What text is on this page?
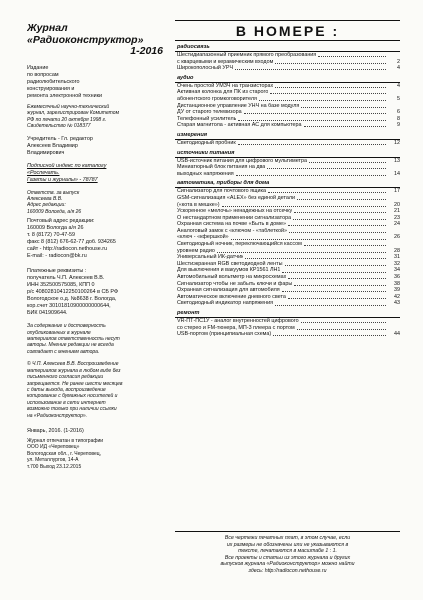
Журнал
«Радиоконструктор»
1-2016
Издание
по вопросам
радиолюбительского
конструирования и
ремонта электронной техники
Ежемесячный научно-технический
журнал, зарегистрирован Комитетом
РФ по печати 20 октября 1998 г.
Свидетельство № 018377
Учредитель - Гл. редактор
Алексеев Владимир
Владимирович
Подписной индекс по каталогу
«Роспечать.
Газеты и журналы» - 78787
Ответств. за выпуск
Алексеева В.В.
Адрес редакции:
160009 Вологда, а/я 26
Почтовый адрес редакции:
160009 Вологда а/я 26
т. 8 (8172) 70-47-59
факс 8 (812) 676-62-77 доб. 934265
сайт - http://radiocon.nethouse.ru
E-mail: - radiocon@bk.ru
Платежные реквизиты :
получатель Ч.П. Алексеев В.В.
ИНН 352500575085, КПП 0
р/с 40802810412250100264 в СБ РФ
Вологодское о.д. №8638 г. Вологда,
кор.счет 30101810900000000644,
БИК 041909644.
За содержание и достоверность
опубликованных в журнале
материалов ответственность несут
авторы. Мнение редакции не всегда
совпадает с мнением автора.
© Ч.П. Алексеев В.В. Воспроизведение
материалов журнала в любом виде без
письменного согласия редакции
запрещается. Не ранее шести месяцев
с даты выхода, воспроизведение
копирование с бумажных носителей и
использование в сети интернет
возможно только при наличии ссылки
на «Радиоконструктор».
Январь, 2016. (1-2016)
Журнал отпечатан в типографии
ООО ИД «Череповец»
Вологодская обл., г. Череповец,
ул. Металлургов, 14-А
т.700 Выход 23.12.2015
В НОМЕРЕ :
радиосвязь
Шестидиапазонный приемник прямого преобразования
с кварцевыми и керамическим входом	2
Широкополосный УРЧ	4
аудио
Очень простой УМЗЧ на транзисторах	4
Активная колонка для ПК из старого
абонентского громкоговорителя	5
Дистанционное управление УНЧ на базе модуля
ДУ от старого телевизора	6
Телефонный усилитель	8
Старая магнитола - активная АС для компьютера	9
измерения
Светодиодный пробник	12
источники питания
USB-источник питания для цифрового мультиметра	13
Миниатюрный блок питания на два
выходных напряжения	14
автоматика, приборы для дома
Сигнализатор для почтового ящика	17
GSM-сигнализация «ALEX» без единой детали
(«кота в мешке»)	20
Ускоренное «мелочь» ненадежных на отсечку	21
О нестандартном применении сигнализатора	23
Охранная система на почве «Быть в доме»	24
Аналоговый замок с «ключом - «таблеткой»
«ключ - «кфершкой»	26
Светодиодный ночник, переключающийся кассом
уровнем радио	28
Универсальный ИК-датчик	31
Шестиэкранная RGB светодиодной ленты	32
Для выключения и вакуумов КР1561 ЛН1	34
Автомобильный вольтметр на микросхемах	36
Сигнализатор чтобы не забыть ключи и фары	38
Охранная сигнализация для автомобиля	39
Автоматическое включение дневного света	42
Светодиодный индикатор напряжения	43
ремонт
VR-ПТ-ПС1У - аналог внутренностей цифрового
со стерео и FM-тюнера, МП-3 плеера с портом
USB-портом (принципиальная схема)	44
Все чертежи печатных плат, в этом случае, если
их размеры не обозначены или не указываются в
тексте, печатаются в масштабе 1 : 1.
Все проекты и статьи из этого журнала и других
выпусков журнала «Радиоконструктор» можно найти
здесь: http://radiocon.nethouse.ru
